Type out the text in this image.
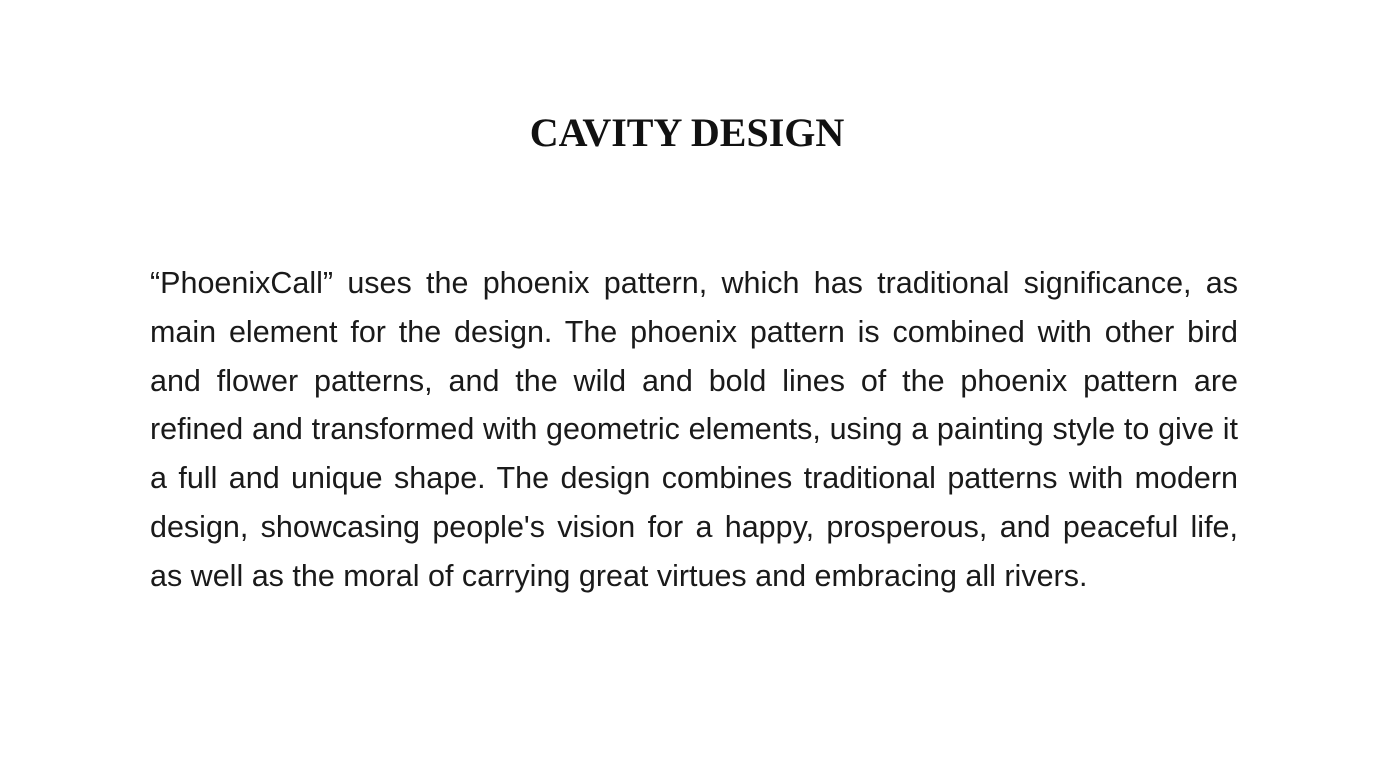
CAVITY DESIGN

“PhoenixCall” uses the phoenix pattern, which has traditional significance, as main element for the design. The phoenix pattern is combined with other bird and flower patterns, and the wild and bold lines of the phoenix pattern are refined and transformed with geometric elements, using a painting style to give it a full and unique shape. The design combines traditional patterns with modern design, showcasing people's vision for a happy, prosperous, and peaceful life, as well as the moral of carrying great virtues and embracing all rivers.
